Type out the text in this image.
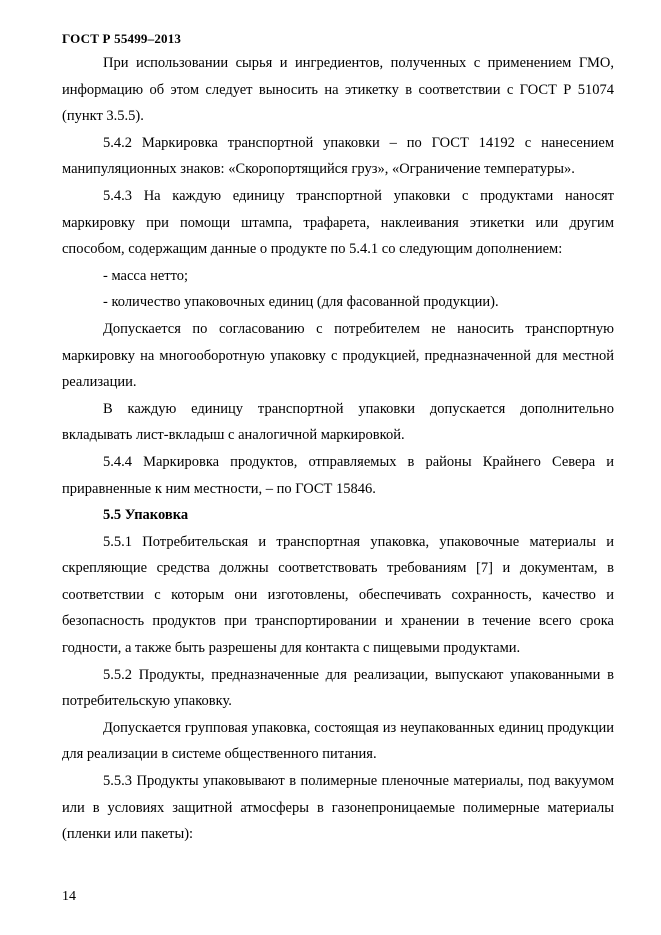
ГОСТ Р 55499–2013

При использовании сырья и ингредиентов, полученных с применением ГМО, информацию об этом следует выносить на этикетку в соответствии с ГОСТ Р 51074 (пункт 3.5.5).

5.4.2 Маркировка транспортной упаковки – по ГОСТ 14192 с нанесением манипуляционных знаков: «Скоропортящийся груз», «Ограничение температуры».

5.4.3 На каждую единицу транспортной упаковки с продуктами наносят маркировку при помощи штампа, трафарета, наклеивания этикетки или другим способом, содержащим данные о продукте по 5.4.1 со следующим дополнением:

- масса нетто;

- количество упаковочных единиц (для фасованной продукции).

Допускается по согласованию с потребителем не наносить транспортную маркировку на многооборотную упаковку с продукцией, предназначенной для местной реализации.

В каждую единицу транспортной упаковки допускается дополнительно вкладывать лист-вкладыш с аналогичной маркировкой.

5.4.4 Маркировка продуктов, отправляемых в районы Крайнего Севера и приравненные к ним местности, – по ГОСТ 15846.

5.5 Упаковка

5.5.1 Потребительская и транспортная упаковка, упаковочные материалы и скрепляющие средства должны соответствовать требованиям [7] и документам, в соответствии с которым они изготовлены, обеспечивать сохранность, качество и безопасность продуктов при транспортировании и хранении в течение всего срока годности, а также быть разрешены для контакта с пищевыми продуктами.

5.5.2 Продукты, предназначенные для реализации, выпускают упакованными в потребительскую упаковку.

Допускается групповая упаковка, состоящая из неупакованных единиц продукции для реализации в системе общественного питания.

5.5.3 Продукты упаковывают в полимерные пленочные материалы, под вакуумом или в условиях защитной атмосферы в газонепроницаемые полимерные материалы (пленки или пакеты):

14
